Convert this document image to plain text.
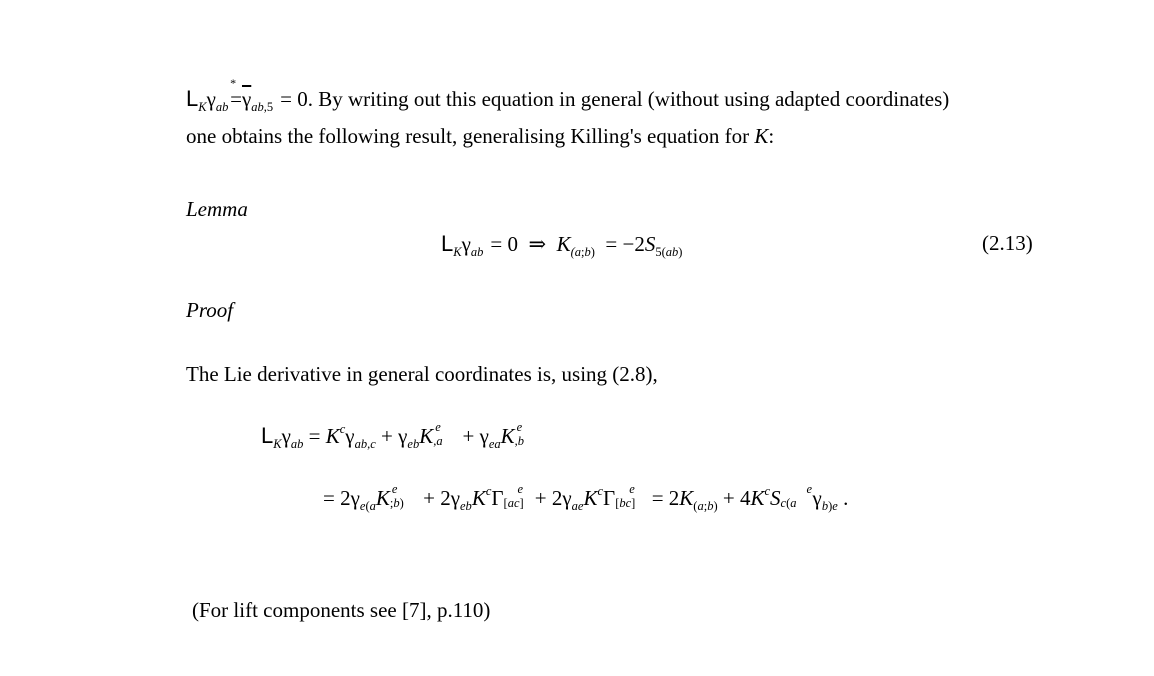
$L_K\gamma_{ab}$ 
*
$=\overline{\gamma}_{ab,5}$  = 0. By writing out this equation in general (without using adapted coordinates)
one obtains the following result, generalising Killing's equation for K:
Lemma
$L_K\gamma_{ab}$  = 0  ⇒  $K_{(a;b)} = -2S_{5(ab)}$	(2.13)
Proof
The Lie derivative in general coordinates is, using (2.8),
$L_K\gamma_{ab} = K^c\gamma_{ab,c} + \gamma_{eb}K$ e
$,a + \gamma_{ea}K$ e
,b
= $2\gamma_{e(a}K$ e
;b) + $2\gamma_{eb}K^c\Gamma$ e
$[ac] + 2\gamma_{ae}K^c\Gamma$ e
$[bc] = 2K_{(a;b)} + 4K^cS$ e
c(a $\gamma_{b)e}$ .
(For lift components see [7], p.110)
